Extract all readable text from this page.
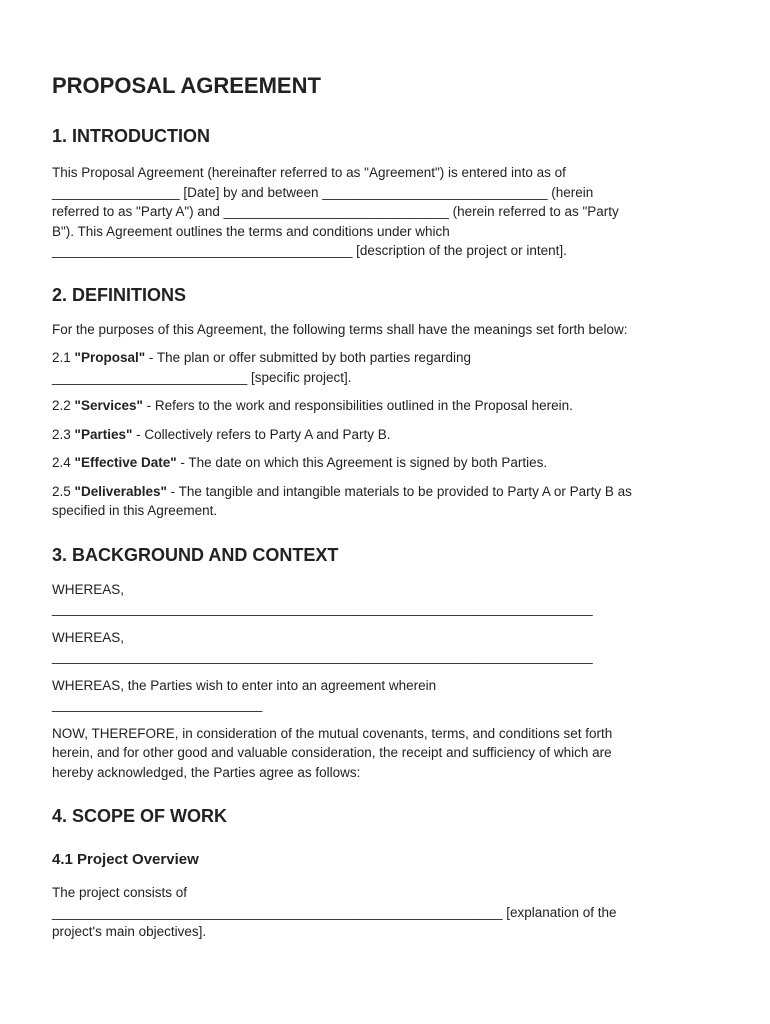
PROPOSAL AGREEMENT
1. INTRODUCTION

This Proposal Agreement (hereinafter referred to as "Agreement") is entered into as of
_________________ [Date] by and between ______________________________ (herein
referred to as "Party A") and ______________________________ (herein referred to as "Party
B"). This Agreement outlines the terms and conditions under which
________________________________________ [description of the project or intent].

2. DEFINITIONS

For the purposes of this Agreement, the following terms shall have the meanings set forth below:

2.1 "Proposal" - The plan or offer submitted by both parties regarding
__________________________ [specific project].

2.2 "Services" - Refers to the work and responsibilities outlined in the Proposal herein.

2.3 "Parties" - Collectively refers to Party A and Party B.

2.4 "Effective Date" - The date on which this Agreement is signed by both Parties.

2.5 "Deliverables" - The tangible and intangible materials to be provided to Party A or Party B as
specified in this Agreement.

3. BACKGROUND AND CONTEXT

WHEREAS,
________________________________________________________________________

WHEREAS,
________________________________________________________________________

WHEREAS, the Parties wish to enter into an agreement wherein
____________________________

NOW, THEREFORE, in consideration of the mutual covenants, terms, and conditions set forth
herein, and for other good and valuable consideration, the receipt and sufficiency of which are
hereby acknowledged, the Parties agree as follows:

4. SCOPE OF WORK
4.1 Project Overview

The project consists of
____________________________________________________________ [explanation of the
project's main objectives].
